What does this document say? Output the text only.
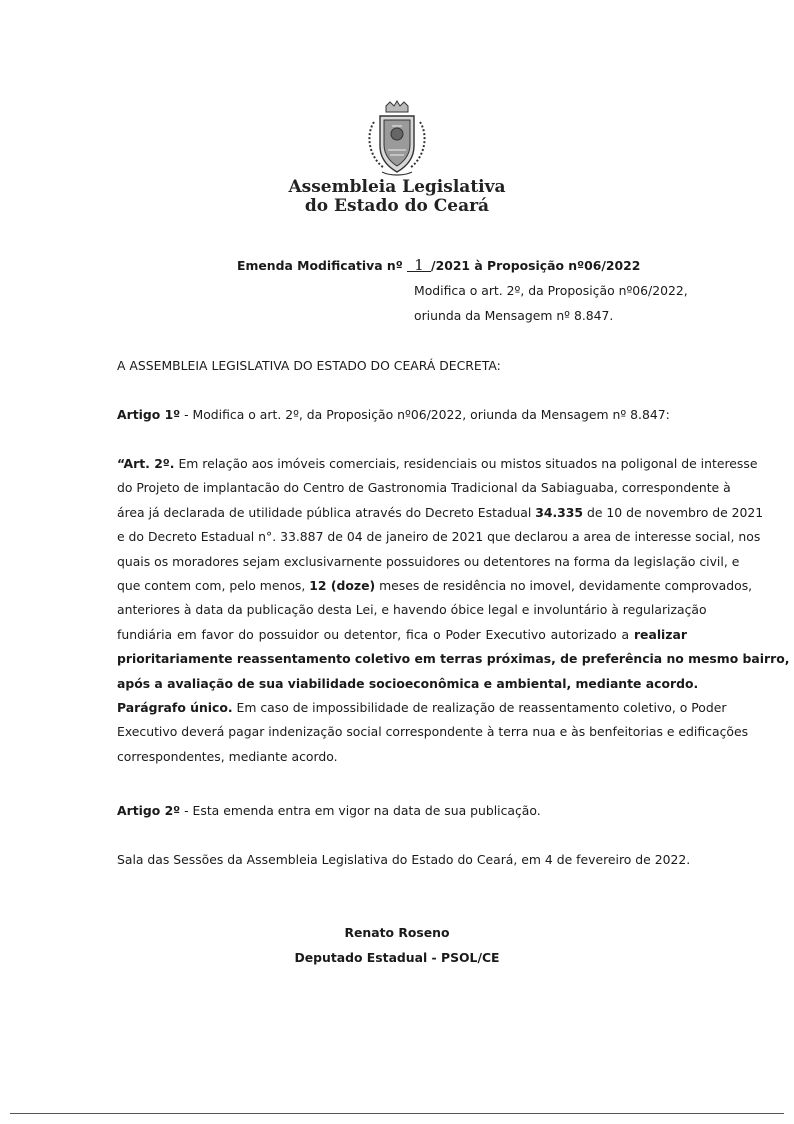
Assembleia Legislativa
do Estado do Ceará
Emenda Modificativa nº 1 /2021 à Proposição nº06/2022
Modifica o art. 2º, da Proposição nº06/2022,
oriunda da Mensagem nº 8.847.
A ASSEMBLEIA LEGISLATIVA DO ESTADO DO CEARÁ DECRETA:
Artigo 1º - Modifica o art. 2º, da Proposição nº06/2022, oriunda da Mensagem nº 8.847:
“Art. 2º. Em relação aos imóveis comerciais, residenciais ou mistos situados na poligonal de interesse
do Projeto de implantacão do Centro de Gastronomia Tradicional da Sabiaguaba, correspondente à
área já declarada de utilidade pública através do Decreto Estadual 34.335 de 10 de novembro de 2021
e do Decreto Estadual n°. 33.887 de 04 de janeiro de 2021 que declarou a area de interesse social, nos
quais os moradores sejam exclusivarnente possuidores ou detentores na forma da legislação civil, e
que contem com, pelo menos, 12 (doze) meses de residência no imovel, devidamente comprovados,
anteriores à data da publicação desta Lei, e havendo óbice legal e involuntário à regularização
fundiária em favor do possuidor ou detentor, fica o Poder Executivo autorizado a realizar
prioritariamente reassentamento coletivo em terras próximas, de preferência no mesmo bairro,
após a avaliação de sua viabilidade socioeconômica e ambiental, mediante acordo.
Parágrafo único. Em caso de impossibilidade de realização de reassentamento coletivo, o Poder
Executivo deverá pagar indenização social correspondente à terra nua e às benfeitorias e edificações
correspondentes, mediante acordo.
Artigo 2º - Esta emenda entra em vigor na data de sua publicação.
Sala das Sessões da Assembleia Legislativa do Estado do Ceará, em 4 de fevereiro de 2022.
Renato Roseno
Deputado Estadual - PSOL/CE
